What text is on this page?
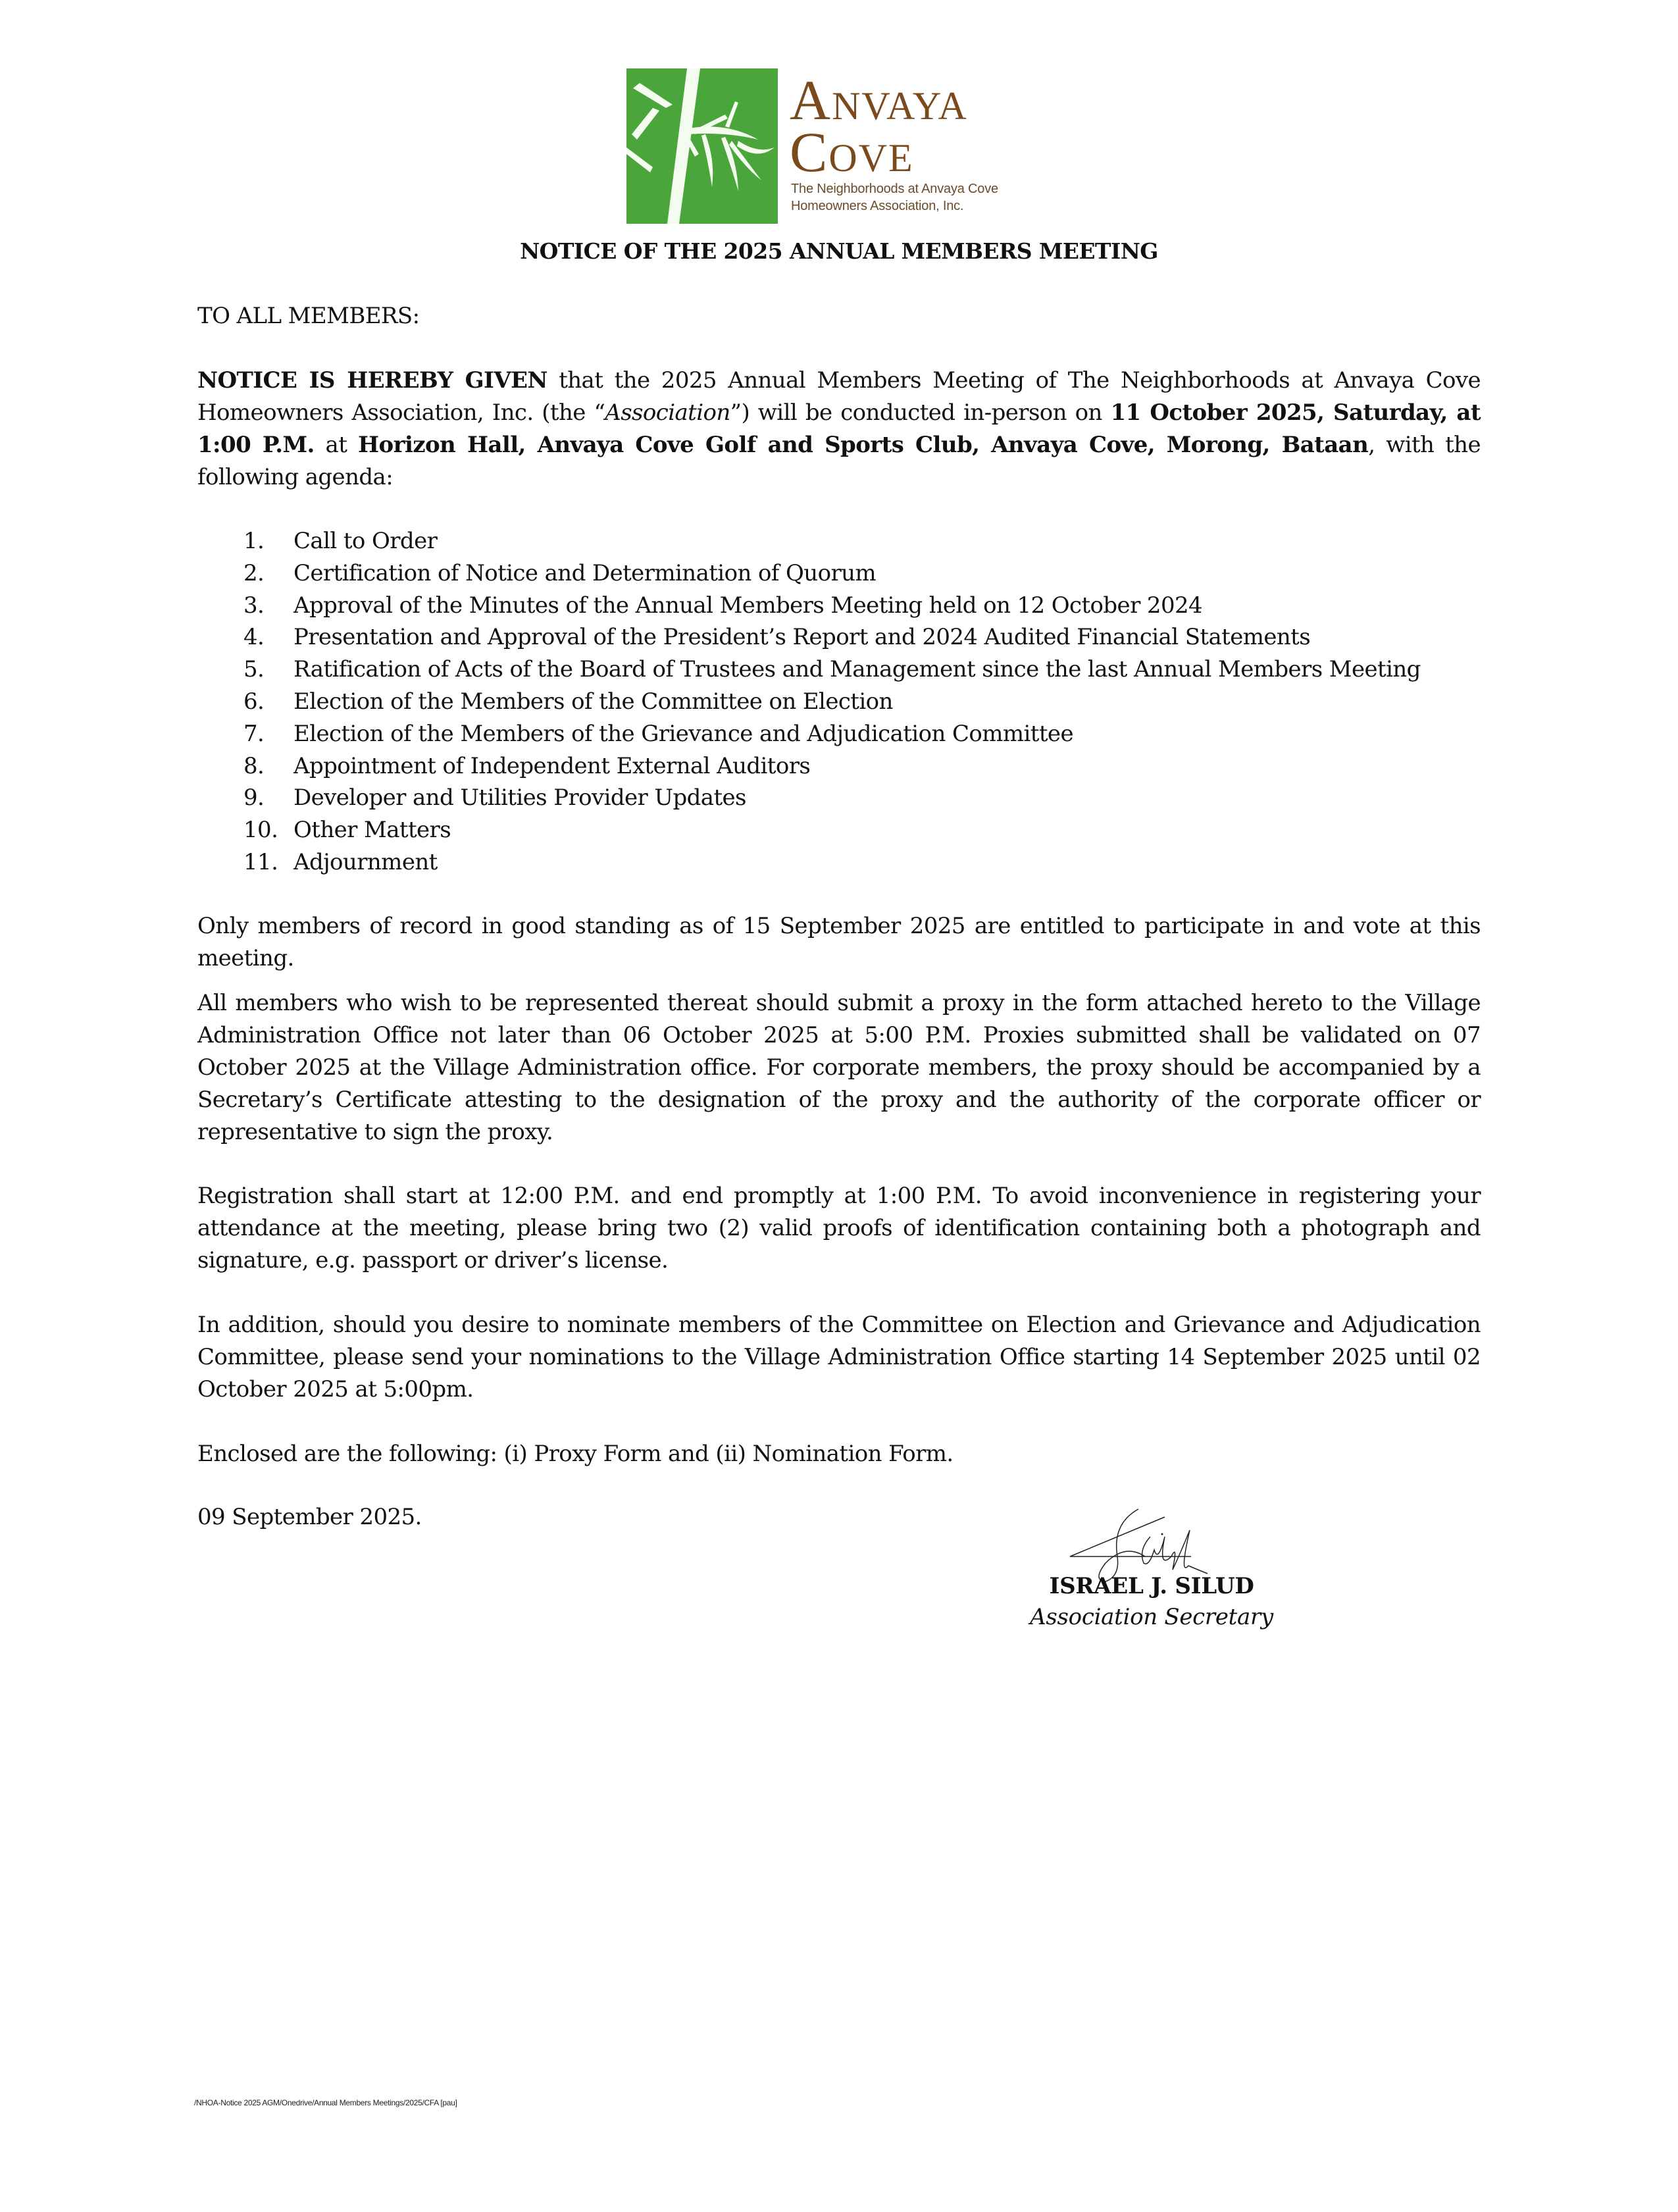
Anvaya
Cove
The Neighborhoods at Anvaya Cove
Homeowners Association, Inc.
NOTICE OF THE 2025 ANNUAL MEMBERS MEETING
TO ALL MEMBERS:
NOTICE IS HEREBY GIVEN that the 2025 Annual Members Meeting of The Neighborhoods at Anvaya Cove Homeowners Association, Inc. (the “Association”) will be conducted in-person on 11 October 2025, Saturday, at 1:00 P.M. at Horizon Hall, Anvaya Cove Golf and Sports Club, Anvaya Cove, Morong, Bataan, with the following agenda:
1. Call to Order
2. Certification of Notice and Determination of Quorum
3. Approval of the Minutes of the Annual Members Meeting held on 12 October 2024
4. Presentation and Approval of the President’s Report and 2024 Audited Financial Statements
5. Ratification of Acts of the Board of Trustees and Management since the last Annual Members Meeting
6. Election of the Members of the Committee on Election
7. Election of the Members of the Grievance and Adjudication Committee
8. Appointment of Independent External Auditors
9. Developer and Utilities Provider Updates
10. Other Matters
11. Adjournment
Only members of record in good standing as of 15 September 2025 are entitled to participate in and vote at this meeting.
All members who wish to be represented thereat should submit a proxy in the form attached hereto to the Village Administration Office not later than 06 October 2025 at 5:00 P.M. Proxies submitted shall be validated on 07 October 2025 at the Village Administration office. For corporate members, the proxy should be accompanied by a Secretary’s Certificate attesting to the designation of the proxy and the authority of the corporate officer or representative to sign the proxy.
Registration shall start at 12:00 P.M. and end promptly at 1:00 P.M. To avoid inconvenience in registering your attendance at the meeting, please bring two (2) valid proofs of identification containing both a photograph and signature, e.g. passport or driver’s license.
In addition, should you desire to nominate members of the Committee on Election and Grievance and Adjudication Committee, please send your nominations to the Village Administration Office starting 14 September 2025 until 02 October 2025 at 5:00pm.
Enclosed are the following: (i) Proxy Form and (ii) Nomination Form.
09 September 2025.
ISRAEL J. SILUD
Association Secretary
/NHOA-Notice 2025 AGM/Onedrive/Annual Members Meetings/2025/CFA [pau]
